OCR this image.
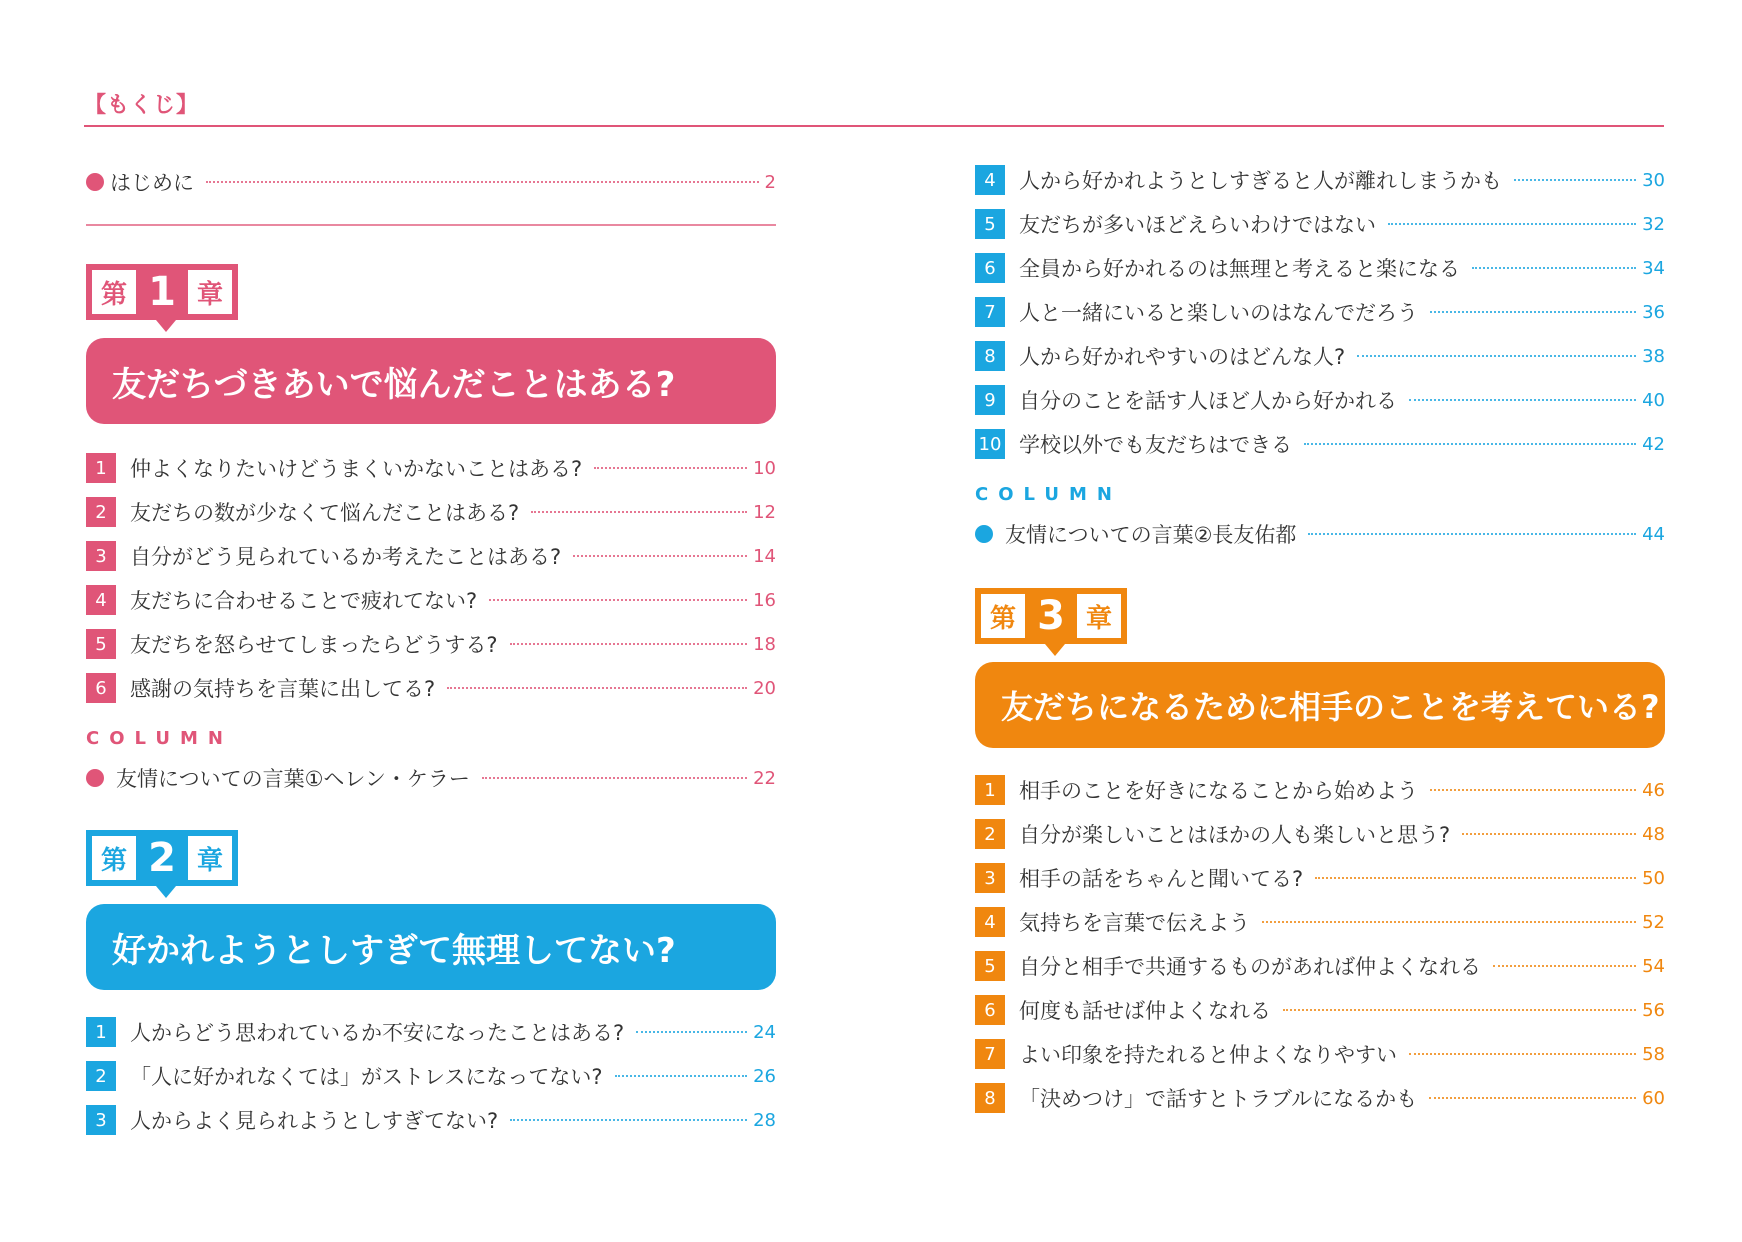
【もくじ】
はじめに	2
第 1 章
友だちづきあいで悩んだことはある?
1	仲よくなりたいけどうまくいかないことはある?	10
2	友だちの数が少なくて悩んだことはある?	12
3	自分がどう見られているか考えたことはある?	14
4	友だちに合わせることで疲れてない?	16
5	友だちを怒らせてしまったらどうする?	18
6	感謝の気持ちを言葉に出してる?	20
COLUMN
友情についての言葉①ヘレン・ケラー	22
第 2 章
好かれようとしすぎて無理してない?
1	人からどう思われているか不安になったことはある?	24
2	「人に好かれなくては」がストレスになってない?	26
3	人からよく見られようとしすぎてない?	28
4	人から好かれようとしすぎると人が離れしまうかも	30
5	友だちが多いほどえらいわけではない	32
6	全員から好かれるのは無理と考えると楽になる	34
7	人と一緒にいると楽しいのはなんでだろう	36
8	人から好かれやすいのはどんな人?	38
9	自分のことを話す人ほど人から好かれる	40
10 学校以外でも友だちはできる	42
COLUMN
友情についての言葉②長友佑都	44
第 3 章
友だちになるために相手のことを考えている?
1	相手のことを好きになることから始めよう	46
2	自分が楽しいことはほかの人も楽しいと思う?	48
3	相手の話をちゃんと聞いてる?	50
4	気持ちを言葉で伝えよう	52
5	自分と相手で共通するものがあれば仲よくなれる	54
6	何度も話せば仲よくなれる	56
7	よい印象を持たれると仲よくなりやすい	58
8	「決めつけ」で話すとトラブルになるかも	60
